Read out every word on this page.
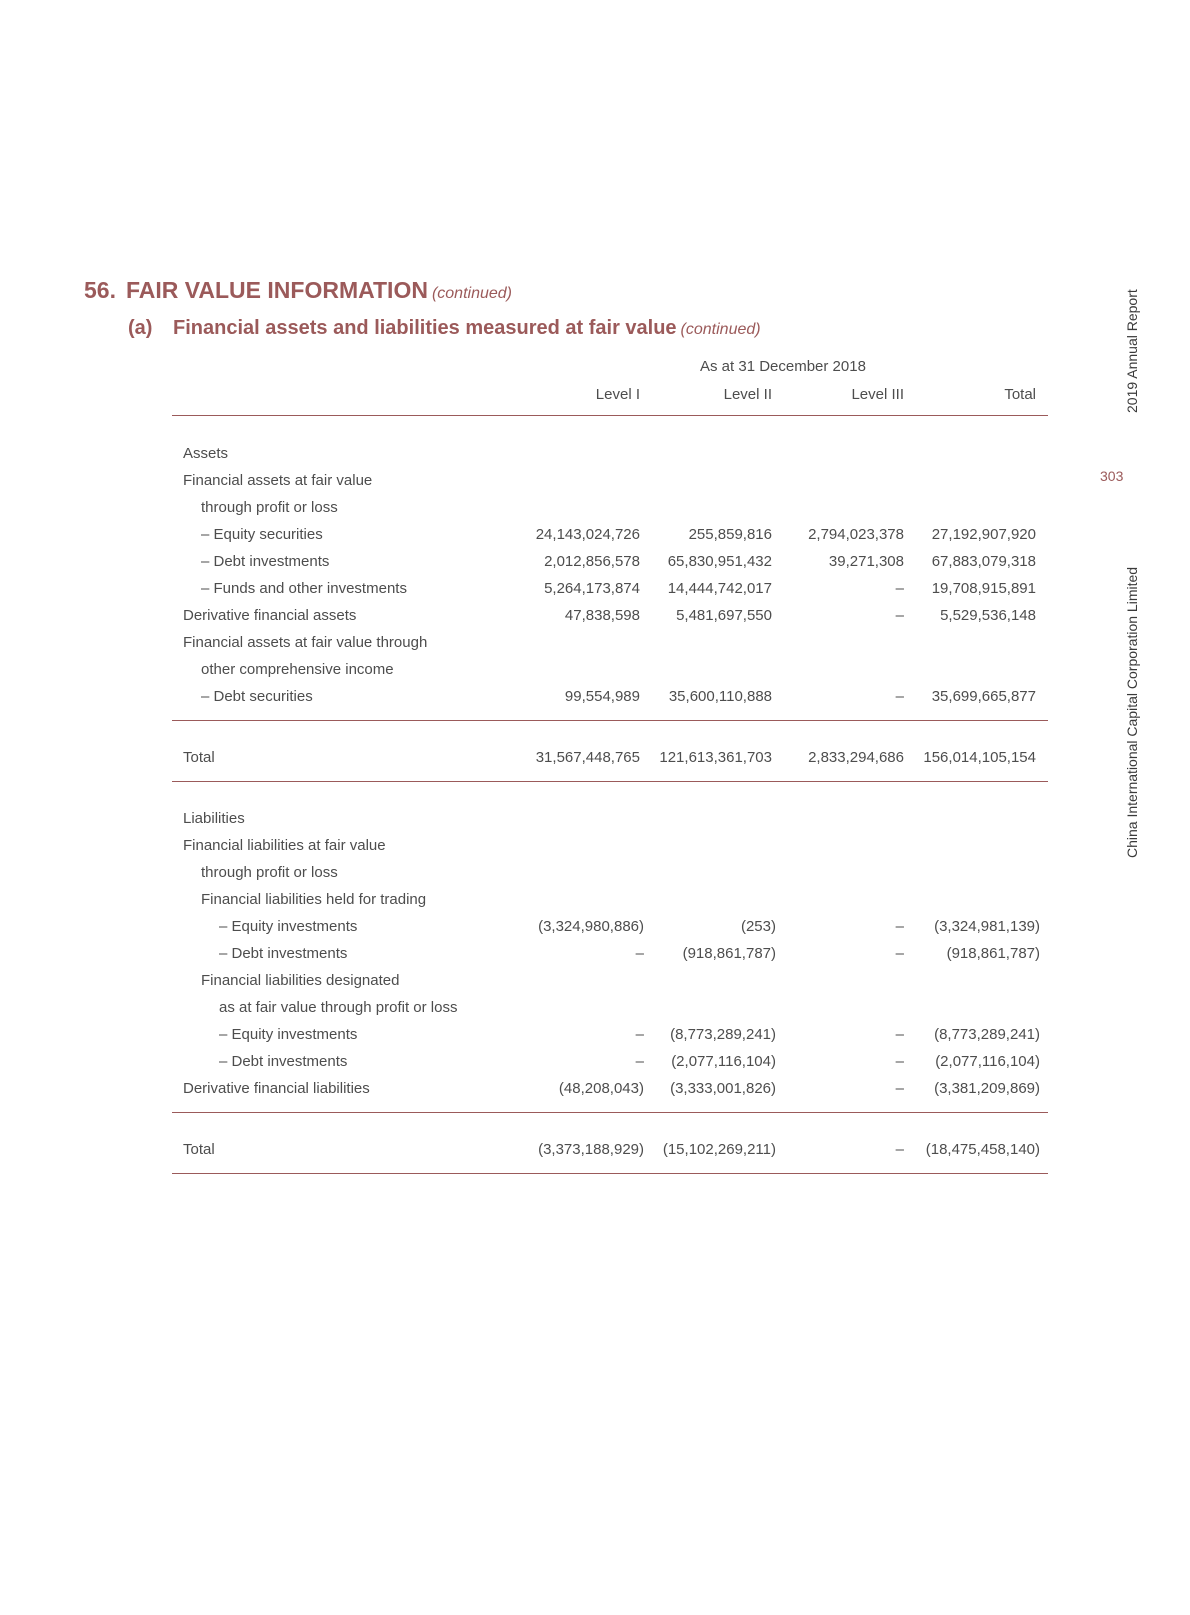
56. FAIR VALUE INFORMATION (continued)
(a) Financial assets and liabilities measured at fair value (continued)	2019 Annual Report
303
China International Capital Corporation Limited
As at 31 December 2018
Level I	Level II	Level III	Total
Assets
Financial assets at fair value
through profit or loss
– Equity securities	24,143,024,726	255,859,816 2,794,023,378 27,192,907,920
– Debt investments	2,012,856,578 65,830,951,432	39,271,308 67,883,079,318
– Funds and other investments	5,264,173,874 14,444,742,017	– 19,708,915,891
Derivative financial assets	47,838,598 5,481,697,550	– 5,529,536,148
Financial assets at fair value through
other comprehensive income
– Debt securities	99,554,989 35,600,110,888	– 35,699,665,877
Total	31,567,448,765 121,613,361,703 2,833,294,686 156,014,105,154
Liabilities
Financial liabilities at fair value
through profit or loss
Financial liabilities held for trading
– Equity investments	(3,324,980,886)	(253)	– (3,324,981,139)
– Debt investments	–	(918,861,787)	–	(918,861,787)
Financial liabilities designated
as at fair value through profit or loss
– Equity investments	– (8,773,289,241)	– (8,773,289,241)
– Debt investments	– (2,077,116,104)	– (2,077,116,104)
Derivative financial liabilities	(48,208,043) (3,333,001,826)	– (3,381,209,869)
Total	(3,373,188,929) (15,102,269,211)	– (18,475,458,140)
